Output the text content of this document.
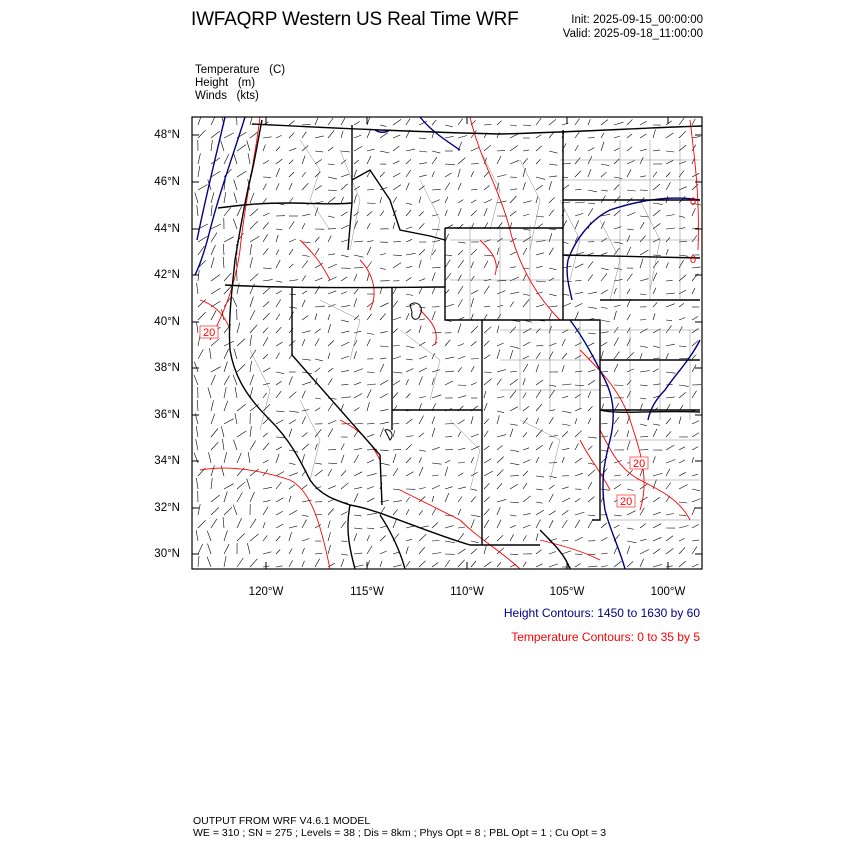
IWFAQRP Western US Real Time WRF	Init: 2025-09-15_00:00:00
Valid: 2025-09-18_11:00:00
Temperature   (C)
Height   (m)
Winds   (kts)
20
20
20
0
0
48°N
46°N
44°N
42°N
40°N
38°N
36°N
34°N
32°N
30°N
120°W	115°W	110°W	105°W	100°W
Height Contours: 1450 to 1630 by 60
Temperature Contours: 0 to 35 by 5
OUTPUT FROM WRF V4.6.1 MODEL
WE = 310 ; SN = 275 ; Levels = 38 ; Dis = 8km ; Phys Opt = 8 ; PBL Opt = 1 ; Cu Opt = 3
